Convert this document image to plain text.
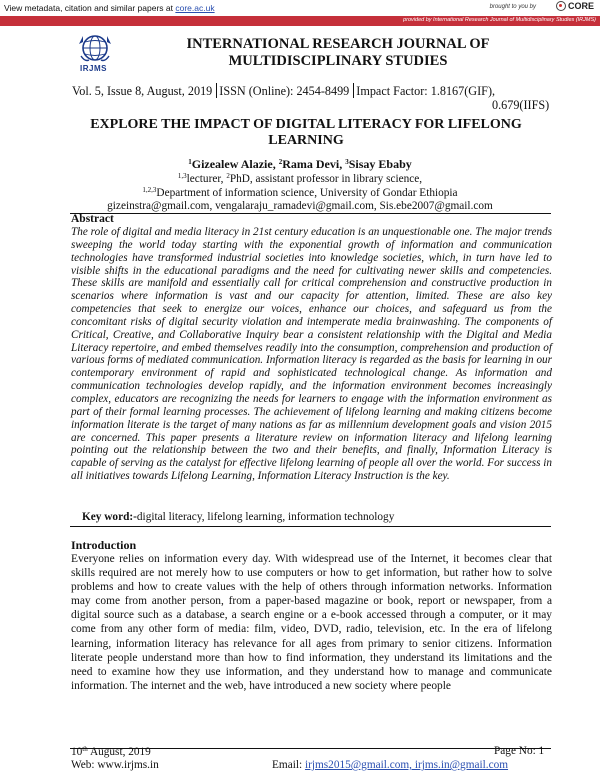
View metadata, citation and similar papers at core.ac.uk	brought to you by	CORE
provided by International Research Journal of Multidisciplinary Studies (IRJMS)
IRJMS
INTERNATIONAL RESEARCH JOURNAL OF MULTIDISCIPLINARY STUDIES
Vol. 5, Issue 8, August, 2019 ISSN (Online): 2454-8499 Impact Factor: 1.8167(GIF),
0.679(IIFS)
EXPLORE THE IMPACT OF DIGITAL LITERACY FOR LIFELONG LEARNING
$^1$Gizealew Alazie, $^2$Rama Devi, $^3$Sisay Ebaby
$^{1,3}$lecturer, $^2$PhD, assistant professor in library science,
$^{1,2,3}$Department of information science, University of Gondar Ethiopia
gizeinstra@gmail.com, vengalaraju_ramadevi@gmail.com, Sis.ebe2007@gmail.com
Abstract
The role of digital and media literacy in 21st century education is an unquestionable one. The major trends sweeping the world today starting with the exponential growth of information and communication technologies have transformed industrial societies into knowledge societies, which, in turn have led to visible shifts in the educational paradigms and the need for cultivating newer skills and competencies. These skills are manifold and essentially call for critical comprehension and constructive production in scenarios where information is vast and our capacity for attention, limited. These are also key competencies that seek to energize our voices, enhance our choices, and safeguard us from the concomitant risks of digital security violation and intemperate media brainwashing. The components of Critical, Creative, and Collaborative Inquiry bear a consistent relationship with the Digital and Media Literacy repertoire, and embed themselves readily into the consumption, comprehension and production of various forms of mediated communication. Information literacy is regarded as the basis for learning in our contemporary environment of rapid and sophisticated technological change. As information and communication technologies develop rapidly, and the information environment becomes increasingly complex, educators are recognizing the needs for learners to engage with the information environment as part of their formal learning processes. The achievement of lifelong learning and making citizens become information literate is the target of many nations as far as millennium development goals and vision 2015 are concerned. This paper presents a literature review on information literacy and lifelong learning pointing out the relationship between the two and their benefits, and finally, Information Literacy is capable of serving as the catalyst for effective lifelong learning of people all over the world. For success in all initiatives towards Lifelong Learning, Information Literacy Instruction is the key.
Key word:-digital literacy, lifelong learning, information technology
Introduction
Everyone relies on information every day. With widespread use of the Internet, it becomes clear that skills required are not merely how to use computers or how to get information, but rather how to solve problems and how to create values with the help of others through information networks. Information may come from another person, from a paper-based magazine or book, report or newspaper, from a digital source such as a database, a search engine or a e-book accessed through a computer, or it may come from any other form of media: film, video, DVD, radio, television, etc. In the era of lifelong learning, information literacy has relevance for all ages from primary to senior citizens. Information literate people understand more than how to find information, they understand its limitations and the need to examine how they use information, and they understand how to manage and communicate information. The internet and the web, have introduced a new society where people
10th August, 2019	Page No: 1
Web: www.irjms.in	Email: irjms2015@gmail.com, irjms.in@gmail.com
